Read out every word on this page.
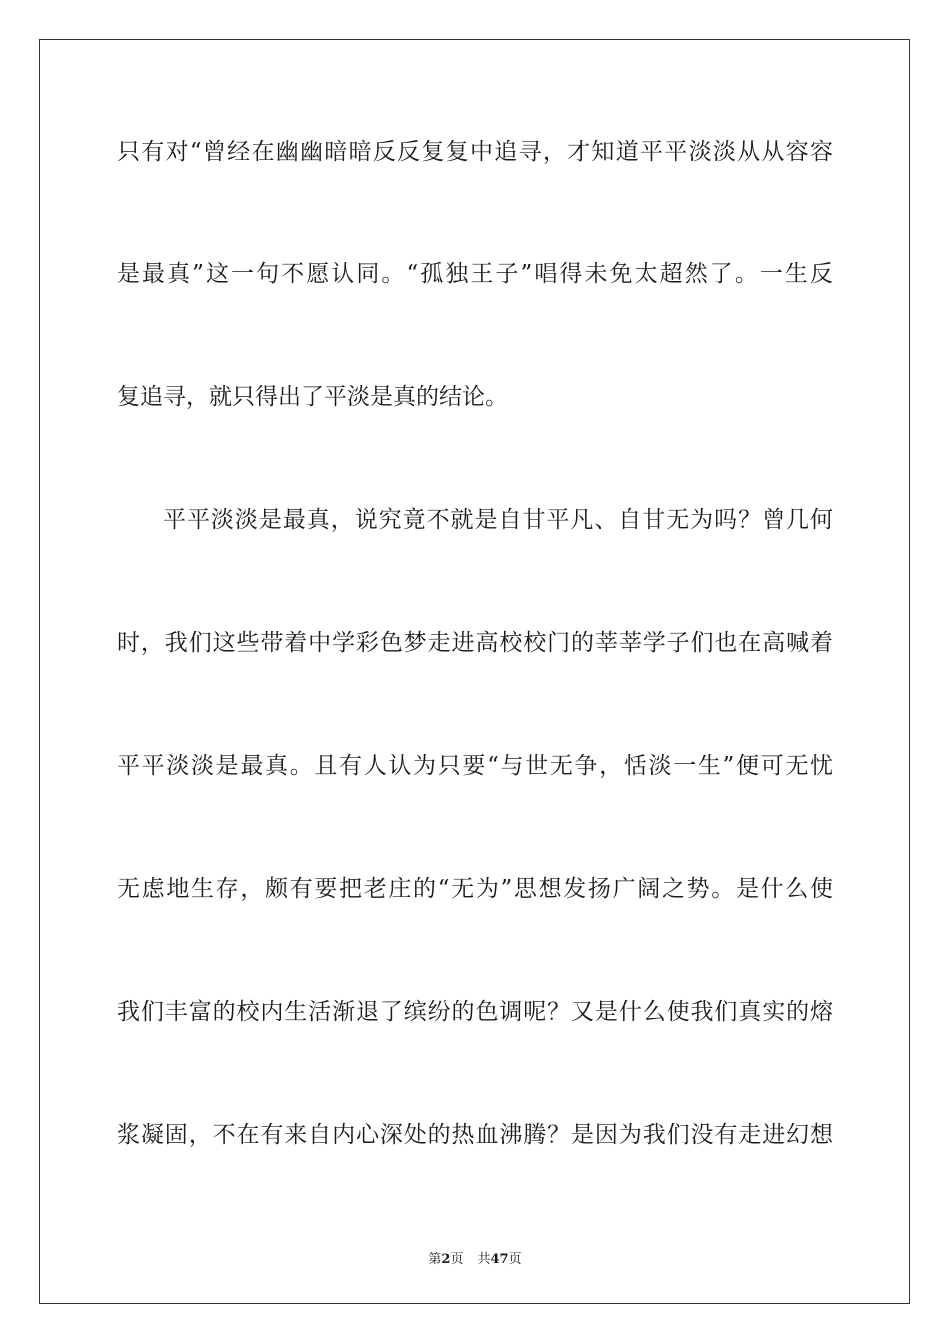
只有对“曾经在幽幽暗暗反反复复中追寻，才知道平平淡淡从从容容
是最真”这一句不愿认同。“孤独王子”唱得未免太超然了。一生反
复追寻，就只得出了平淡是真的结论。
平平淡淡是最真，说究竟不就是自甘平凡、自甘无为吗？曾几何
时，我们这些带着中学彩色梦走进高校校门的莘莘学子们也在高喊着
平平淡淡是最真。且有人认为只要“与世无争，恬淡一生”便可无忧
无虑地生存，颇有要把老庄的“无为”思想发扬广阔之势。是什么使
我们丰富的校内生活渐退了缤纷的色调呢？又是什么使我们真实的熔
浆凝固，不在有来自内心深处的热血沸腾？是因为我们没有走进幻想
第2页 共47页
